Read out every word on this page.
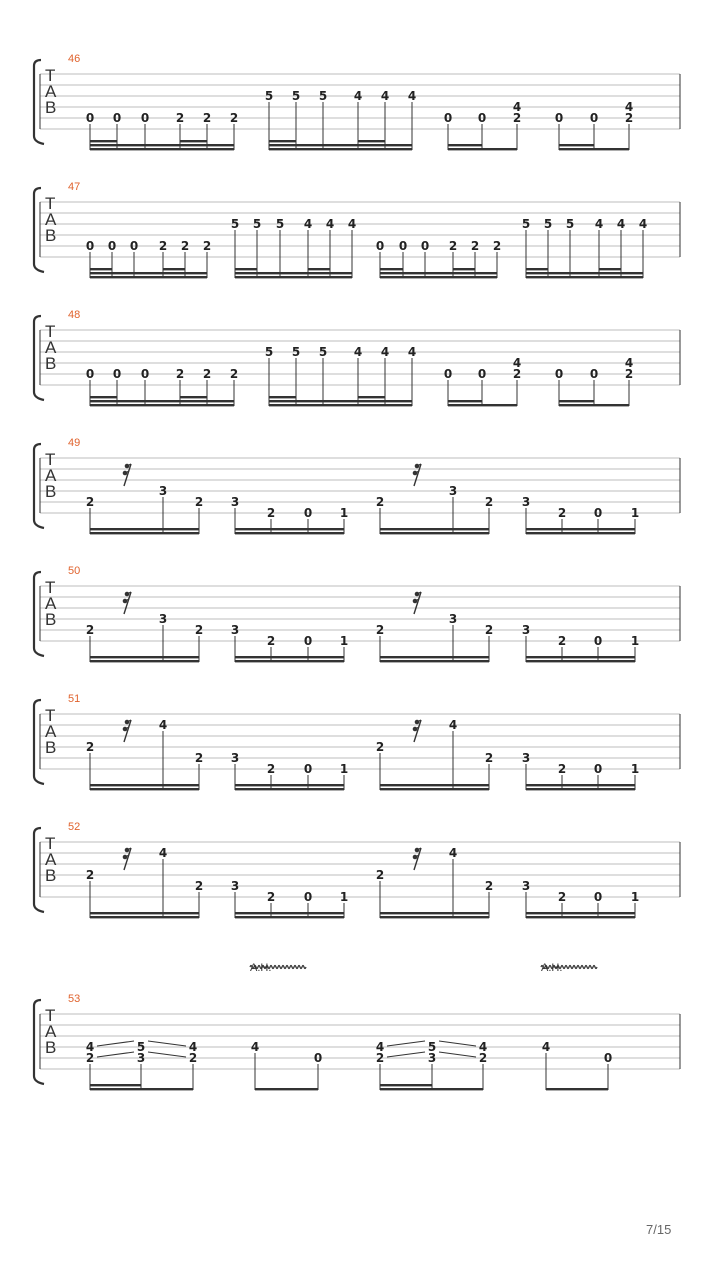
T
A
B
46
0 0 0 2 2 2
5 5 5 4 4 4
0 0
4
2	0 0
4
2
T
A
B
47
0 0 0 2 2 2
5 5 5 4 4 4
0 0 0 2 2 2
5 5 5 4 4 4
T
A
B
48
0 0 0 2 2 2
5 5 5 4 4 4
0 0
4
2	0 0
4
2
T
A
B
49
2
3
2 3
2 0 1
2
3
2 3
2 0 1
T
A
B
50
2
3
2 3
2 0 1
2
3
2 3
2 0 1
T
A
B
51
2
4
2 3
2 0 1
2
4
2 3
2 0 1
T
A
B
52
2
4
2 3
2 0 1
2
4
2 3
2 0 1
T
A
B
53
A.H.	A.H.
4
2
5
3
4
2
4
0
4
2
5
3
4
2
4
0
7/15
